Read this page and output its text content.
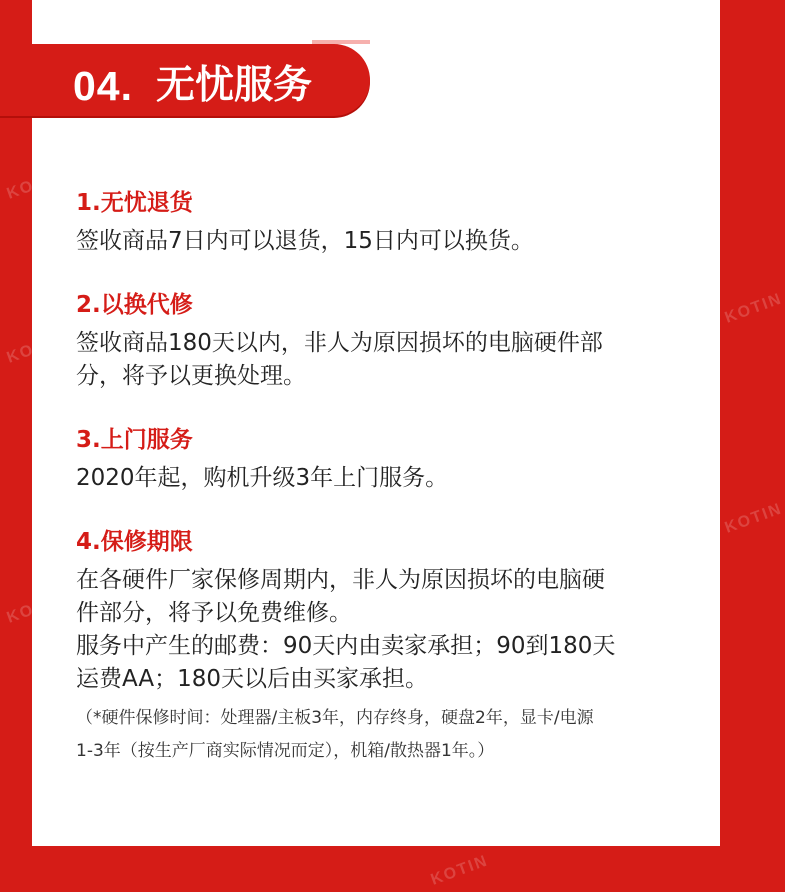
04. 无忧服务
1.无忧退货

签收商品7日内可以退货，15日内可以换货。

2.以换代修

签收商品180天以内，非人为原因损坏的电脑硬件部

分，将予以更换处理。

3.上门服务

2020年起，购机升级3年上门服务。

4.保修期限

在各硬件厂家保修周期内，非人为原因损坏的电脑硬

件部分，将予以免费维修。

服务中产生的邮费：90天内由卖家承担；90到180天

运费AA；180天以后由买家承担。

（*硬件保修时间：处理器/主板3年，内存终身，硬盘2年，显卡/电源

1-3年（按生产厂商实际情况而定），机箱/散热器1年。）

KOTIN
KOTIN
KOTIN
KOTIN
KOTIN
KOTIN
